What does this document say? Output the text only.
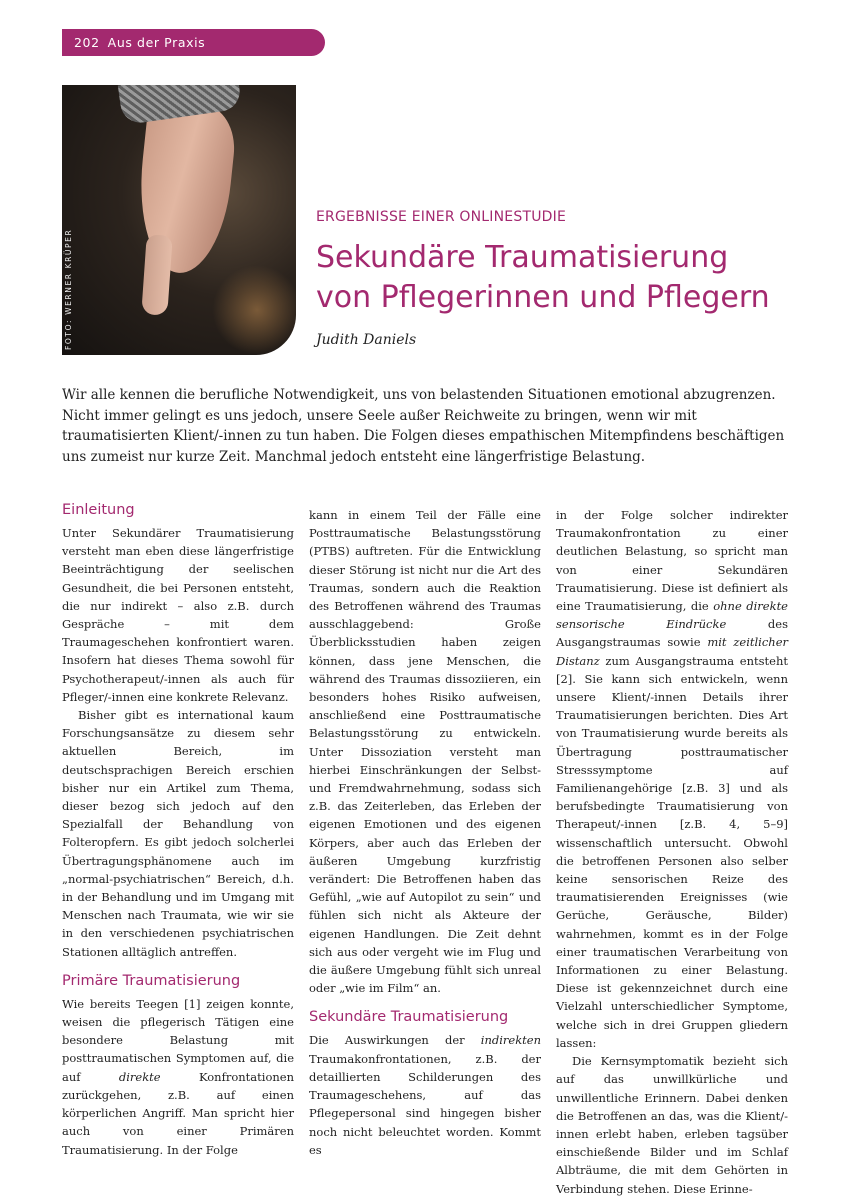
202 Aus der Praxis
FOTO: WERNER KRÜPER
ERGEBNISSE EINER ONLINESTUDIE
Sekundäre Traumatisierung
von Pflegerinnen und Pflegern
Judith Daniels

Wir alle kennen die berufliche Notwendigkeit, uns von belastenden Situationen emotional abzugrenzen. Nicht immer gelingt es uns jedoch, unsere Seele außer Reichweite zu bringen, wenn wir mit traumatisierten Klient/-innen zu tun haben. Die Folgen dieses empathischen Mitempfindens beschäftigen uns zumeist nur kurze Zeit. Manchmal jedoch entsteht eine längerfristige Belastung.

Einleitung

Unter Sekundärer Traumatisierung versteht man eben diese längerfristige Beeinträchtigung der seelischen Gesundheit, die bei Personen entsteht, die nur indirekt – also z.B. durch Gespräche – mit dem Traumageschehen konfrontiert waren. Insofern hat dieses Thema sowohl für Psychotherapeut/-innen als auch für Pfleger/-innen eine konkrete Relevanz.

Bisher gibt es international kaum Forschungsansätze zu diesem sehr aktuellen Bereich, im deutschsprachigen Bereich erschien bisher nur ein Artikel zum Thema, dieser bezog sich jedoch auf den Spezialfall der Behandlung von Folteropfern. Es gibt jedoch solcherlei Übertragungsphänomene auch im „normal-psychiatrischen“ Bereich, d.h. in der Behandlung und im Umgang mit Menschen nach Traumata, wie wir sie in den verschiedenen psychiatrischen Stationen alltäglich antreffen.

Primäre Traumatisierung

Wie bereits Teegen [1] zeigen konnte, weisen die pflegerisch Tätigen eine besondere Belastung mit posttraumatischen Symptomen auf, die auf direkte Konfrontationen zurückgehen, z.B. auf einen körperlichen Angriff. Man spricht hier auch von einer Primären Traumatisierung. In der Folge

kann in einem Teil der Fälle eine Posttraumatische Belastungsstörung (PTBS) auftreten. Für die Entwicklung dieser Störung ist nicht nur die Art des Traumas, sondern auch die Reaktion des Betroffenen während des Traumas ausschlaggebend: Große Überblicksstudien haben zeigen können, dass jene Menschen, die während des Traumas dissoziieren, ein besonders hohes Risiko aufweisen, anschließend eine Posttraumatische Belastungsstörung zu entwickeln. Unter Dissoziation versteht man hierbei Einschränkungen der Selbst- und Fremdwahrnehmung, sodass sich z.B. das Zeiterleben, das Erleben der eigenen Emotionen und des eigenen Körpers, aber auch das Erleben der äußeren Umgebung kurzfristig verändert: Die Betroffenen haben das Gefühl, „wie auf Autopilot zu sein“ und fühlen sich nicht als Akteure der eigenen Handlungen. Die Zeit dehnt sich aus oder vergeht wie im Flug und die äußere Umgebung fühlt sich unreal oder „wie im Film“ an.

Sekundäre Traumatisierung

Die Auswirkungen der indirekten Traumakonfrontationen, z.B. der detaillierten Schilderungen des Traumageschehens, auf das Pflegepersonal sind hingegen bisher noch nicht beleuchtet worden. Kommt es

in der Folge solcher indirekter Traumakonfrontation zu einer deutlichen Belastung, so spricht man von einer Sekundären Traumatisierung. Diese ist definiert als eine Traumatisierung, die ohne direkte sensorische Eindrücke des Ausgangstraumas sowie mit zeitlicher Distanz zum Ausgangstrauma entsteht [2]. Sie kann sich entwickeln, wenn unsere Klient/-innen Details ihrer Traumatisierungen berichten. Dies Art von Traumatisierung wurde bereits als Übertragung posttraumatischer Stresssymptome auf Familienangehörige [z.B. 3] und als berufsbedingte Traumatisierung von Therapeut/-innen [z.B. 4, 5–9] wissenschaftlich untersucht. Obwohl die betroffenen Personen also selber keine sensorischen Reize des traumatisierenden Ereignisses (wie Gerüche, Geräusche, Bilder) wahrnehmen, kommt es in der Folge einer traumatischen Verarbeitung von Informationen zu einer Belastung. Diese ist gekennzeichnet durch eine Vielzahl unterschiedlicher Symptome, welche sich in drei Gruppen gliedern lassen:

Die Kernsymptomatik bezieht sich auf das unwillkürliche und unwillentliche Erinnern. Dabei denken die Betroffenen an das, was die Klient/-innen erlebt haben, erleben tagsüber einschießende Bilder und im Schlaf Albträume, die mit dem Gehörten in Verbindung stehen. Diese Erinne-
